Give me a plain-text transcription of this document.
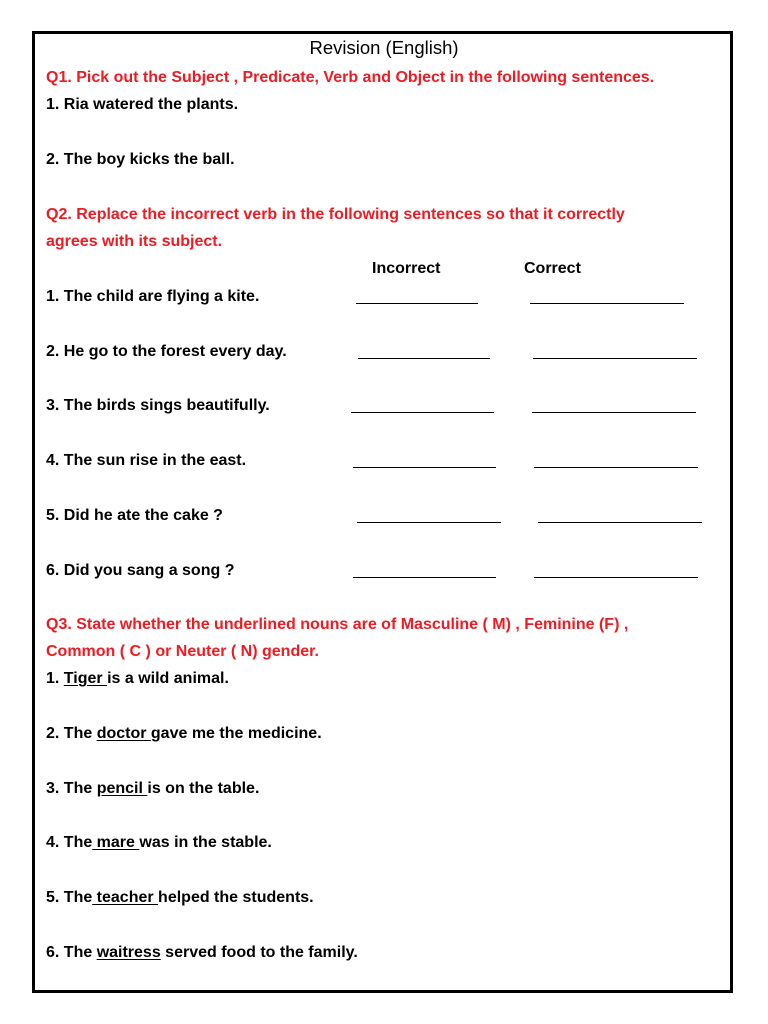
Revision (English)
Q1. Pick out the Subject , Predicate, Verb and Object in the following sentences.
1. Ria watered the plants.
2. The boy kicks the ball.
Q2. Replace the incorrect verb in the following sentences so that it correctly
agrees with its subject.
Incorrect	Correct
1. The child are flying a kite.
2. He go to the forest every day.
3. The birds sings beautifully.
4. The sun rise in the east.
5. Did he ate the cake ?
6. Did you sang a song ?
Q3. State whether the underlined nouns are of Masculine ( M) , Feminine (F) ,
Common ( C ) or Neuter ( N) gender.
1. Tiger is a wild animal.
2. The doctor gave me the medicine.
3. The pencil is on the table.
4. The mare was in the stable.
5. The teacher helped the students.
6. The waitress served food to the family.
